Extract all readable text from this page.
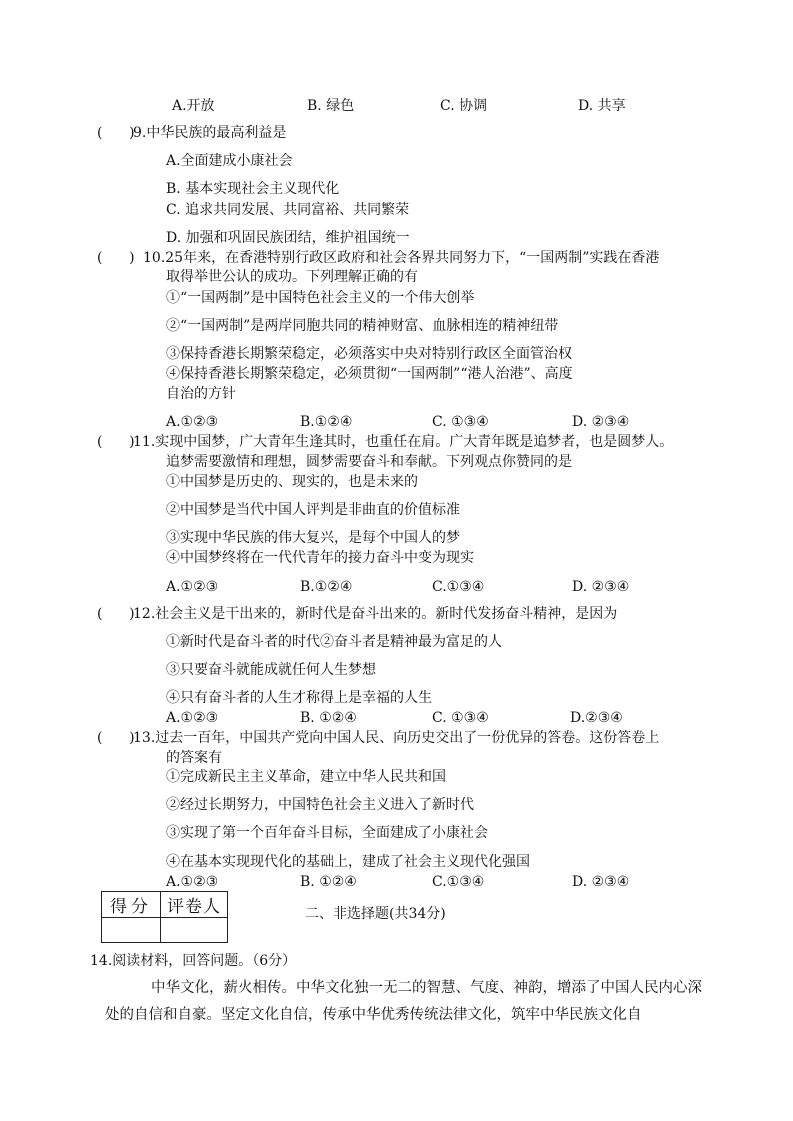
A.开放	B. 绿色	C. 协调	D. 共享
(      )
9.中华民族的最高利益是
A.全面建成小康社会
B. 基本实现社会主义现代化
C. 追求共同发展、共同富裕、共同繁荣
D. 加强和巩固民族团结，维护祖国统一
(      ) 10.25年来，在香港特别行政区政府和社会各界共同努力下，“一国两制”实践在香港
取得举世公认的成功。下列理解正确的有
①“一国两制”是中国特色社会主义的一个伟大创举
②“一国两制”是两岸同胞共同的精神财富、血脉相连的精神纽带
③保持香港长期繁荣稳定，必须落实中央对特别行政区全面管治权
④保持香港长期繁荣稳定，必须贯彻“一国两制”“港人治港”、高度
自治的方针
A.①②③	B.①②④	C. ①③④	D. ②③④
(      )
11.实现中国梦，广大青年生逢其时，也重任在肩。广大青年既是追梦者，也是圆梦人。
追梦需要激情和理想，圆梦需要奋斗和奉献。下列观点你赞同的是
①中国梦是历史的、现实的，也是未来的
②中国梦是当代中国人评判是非曲直的价值标准
③实现中华民族的伟大复兴，是每个中国人的梦
④中国梦终将在一代代青年的接力奋斗中变为现实
A.①②③	B.①②④	C.①③④	D. ②③④
(      )
12.社会主义是干出来的，新时代是奋斗出来的。新时代发扬奋斗精神，是因为
①新时代是奋斗者的时代②奋斗者是精神最为富足的人
③只要奋斗就能成就任何人生梦想
④只有奋斗者的人生才称得上是幸福的人生
A.①②③	B. ①②④	C. ①③④	D.②③④
(      )
13.过去一百年，中国共产党向中国人民、向历史交出了一份优异的答卷。这份答卷上
的答案有
①完成新民主主义革命，建立中华人民共和国
②经过长期努力，中国特色社会主义进入了新时代
③实现了第一个百年奋斗目标，全面建成了小康社会
④在基本实现现代化的基础上，建成了社会主义现代化强国
A.①②③	B. ①②④	C.①③④	D. ②③④
得分	评卷人
		二、非选择题(共34分)
14.阅读材料，回答问题。（6分）
中华文化，薪火相传。中华文化独一无二的智慧、气度、神韵，增添了中国人民内心深处的自信和自豪。坚定文化自信，传承中华优秀传统法律文化，筑牢中华民族文化自
